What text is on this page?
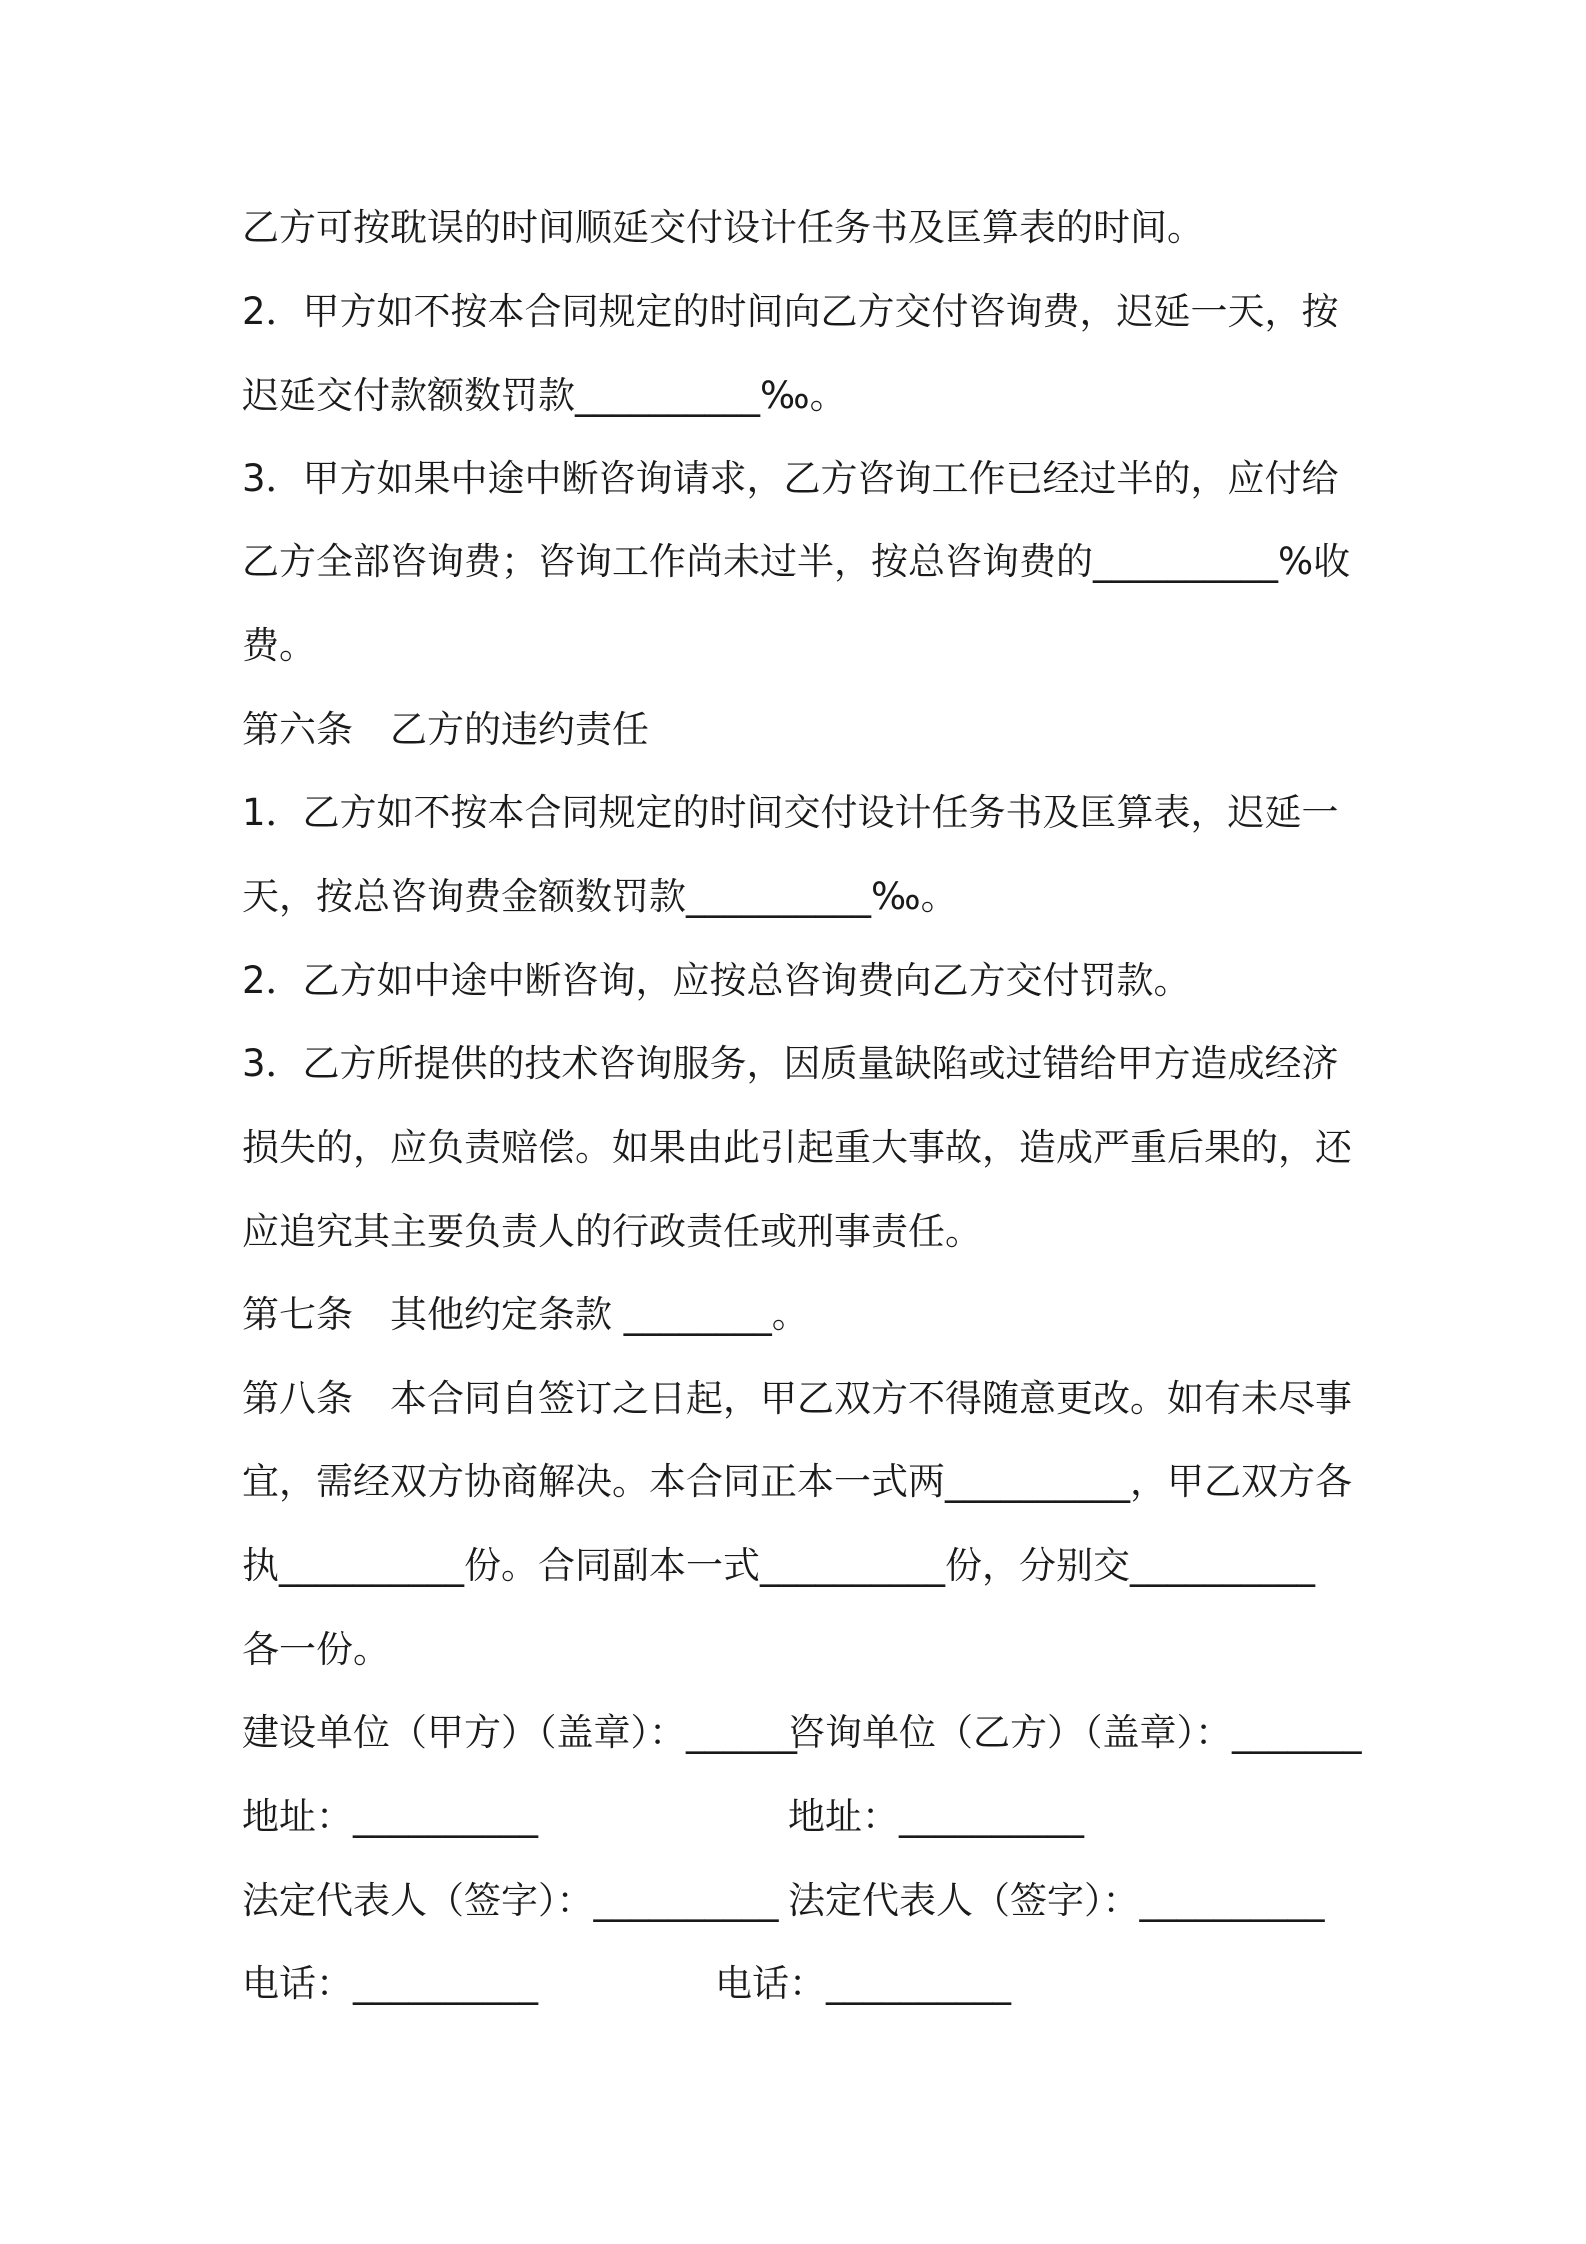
乙方可按耽误的时间顺延交付设计任务书及匡算表的时间。
2．甲方如不按本合同规定的时间向乙方交付咨询费，迟延一天，按
迟延交付款额数罚款__________‰。
3．甲方如果中途中断咨询请求，乙方咨询工作已经过半的，应付给
乙方全部咨询费；咨询工作尚未过半，按总咨询费的__________%收
费。
第六条　乙方的违约责任
1．乙方如不按本合同规定的时间交付设计任务书及匡算表，迟延一
天，按总咨询费金额数罚款__________‰。
2．乙方如中途中断咨询，应按总咨询费向乙方交付罚款。
3．乙方所提供的技术咨询服务，因质量缺陷或过错给甲方造成经济
损失的，应负责赔偿。如果由此引起重大事故，造成严重后果的，还
应追究其主要负责人的行政责任或刑事责任。
第七条　其他约定条款 ________。
第八条　本合同自签订之日起，甲乙双方不得随意更改。如有未尽事
宜，需经双方协商解决。本合同正本一式两__________，甲乙双方各
执__________份。合同副本一式__________份，分别交__________
各一份。
建设单位（甲方）（盖章）：______
咨询单位（乙方）（盖章）：_______
地址：__________	地址：__________
法定代表人（签字）：__________ 法定代表人（签字）：__________
电话：__________	电话：__________
